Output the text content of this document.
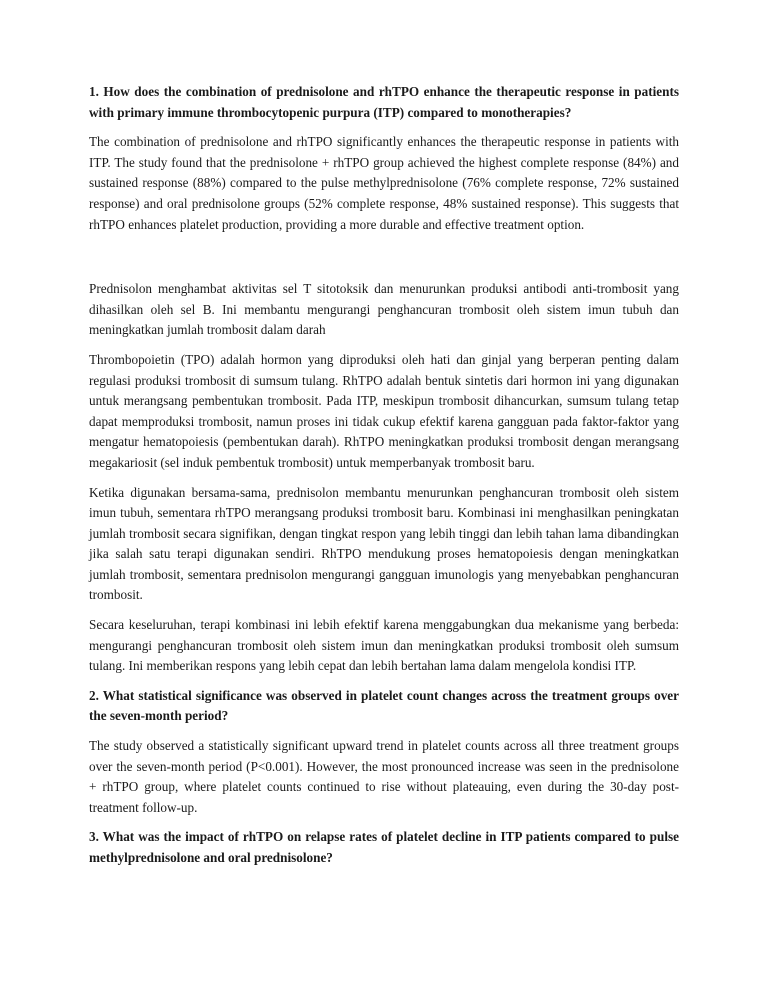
1. How does the combination of prednisolone and rhTPO enhance the therapeutic response in patients with primary immune thrombocytopenic purpura (ITP) compared to monotherapies?

The combination of prednisolone and rhTPO significantly enhances the therapeutic response in patients with ITP. The study found that the prednisolone + rhTPO group achieved the highest complete response (84%) and sustained response (88%) compared to the pulse methylprednisolone (76% complete response, 72% sustained response) and oral prednisolone groups (52% complete response, 48% sustained response). This suggests that rhTPO enhances platelet production, providing a more durable and effective treatment option.

Prednisolon menghambat aktivitas sel T sitotoksik dan menurunkan produksi antibodi anti-trombosit yang dihasilkan oleh sel B. Ini membantu mengurangi penghancuran trombosit oleh sistem imun tubuh dan meningkatkan jumlah trombosit dalam darah

Thrombopoietin (TPO) adalah hormon yang diproduksi oleh hati dan ginjal yang berperan penting dalam regulasi produksi trombosit di sumsum tulang. RhTPO adalah bentuk sintetis dari hormon ini yang digunakan untuk merangsang pembentukan trombosit. Pada ITP, meskipun trombosit dihancurkan, sumsum tulang tetap dapat memproduksi trombosit, namun proses ini tidak cukup efektif karena gangguan pada faktor-faktor yang mengatur hematopoiesis (pembentukan darah). RhTPO meningkatkan produksi trombosit dengan merangsang megakariosit (sel induk pembentuk trombosit) untuk memperbanyak trombosit baru.

Ketika digunakan bersama-sama, prednisolon membantu menurunkan penghancuran trombosit oleh sistem imun tubuh, sementara rhTPO merangsang produksi trombosit baru. Kombinasi ini menghasilkan peningkatan jumlah trombosit secara signifikan, dengan tingkat respon yang lebih tinggi dan lebih tahan lama dibandingkan jika salah satu terapi digunakan sendiri. RhTPO mendukung proses hematopoiesis dengan meningkatkan jumlah trombosit, sementara prednisolon mengurangi gangguan imunologis yang menyebabkan penghancuran trombosit.

Secara keseluruhan, terapi kombinasi ini lebih efektif karena menggabungkan dua mekanisme yang berbeda: mengurangi penghancuran trombosit oleh sistem imun dan meningkatkan produksi trombosit oleh sumsum tulang. Ini memberikan respons yang lebih cepat dan lebih bertahan lama dalam mengelola kondisi ITP.

2. What statistical significance was observed in platelet count changes across the treatment groups over the seven-month period?

The study observed a statistically significant upward trend in platelet counts across all three treatment groups over the seven-month period (P<0.001). However, the most pronounced increase was seen in the prednisolone + rhTPO group, where platelet counts continued to rise without plateauing, even during the 30-day post-treatment follow-up.

3. What was the impact of rhTPO on relapse rates of platelet decline in ITP patients compared to pulse methylprednisolone and oral prednisolone?
